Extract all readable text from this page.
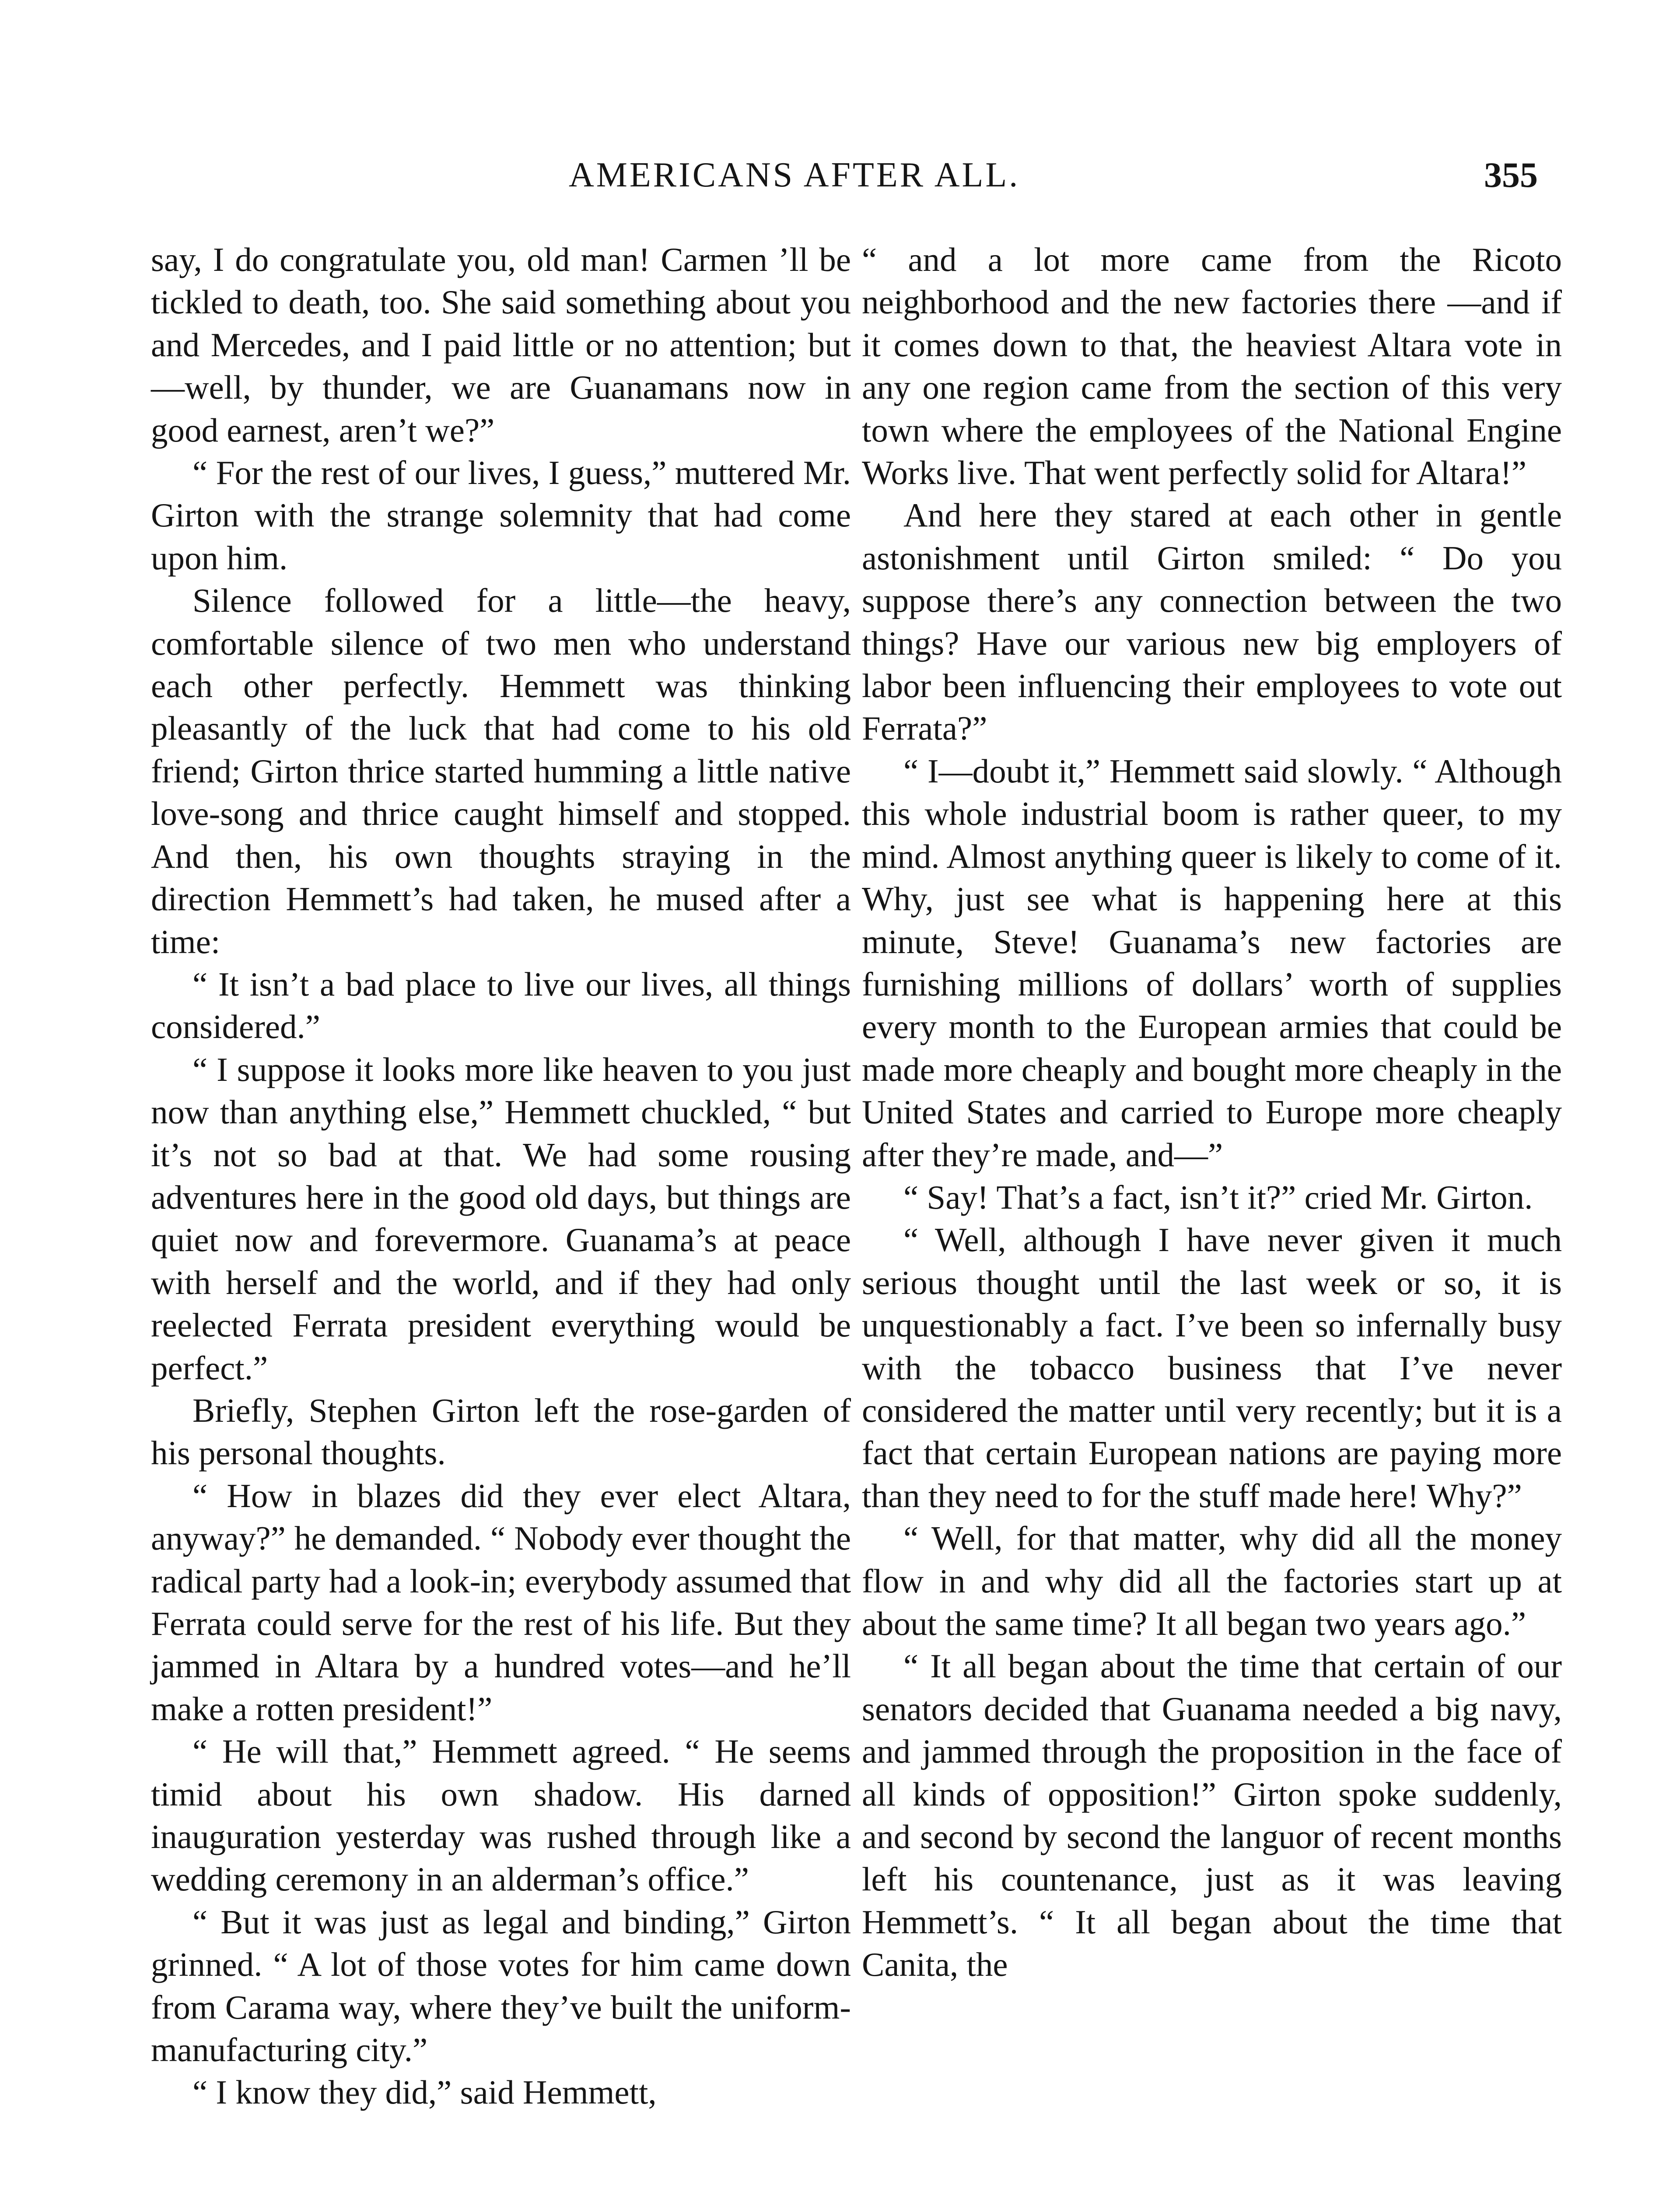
AMERICANS AFTER ALL.	355

say, I do congratulate you, old man! Carmen ’ll be tickled to death, too. She said something about you and Mercedes, and I paid little or no attention; but—well, by thunder, we are Guanamans now in good earnest, aren’t we?”

“ For the rest of our lives, I guess,” muttered Mr. Girton with the strange solemnity that had come upon him.

Silence followed for a little—the heavy, comfortable silence of two men who understand each other perfectly. Hemmett was thinking pleasantly of the luck that had come to his old friend; Girton thrice started humming a little native love-song and thrice caught himself and stopped. And then, his own thoughts straying in the direction Hemmett’s had taken, he mused after a time:

“ It isn’t a bad place to live our lives, all things considered.”

“ I suppose it looks more like heaven to you just now than anything else,” Hemmett chuckled, “ but it’s not so bad at that. We had some rousing adventures here in the good old days, but things are quiet now and forevermore. Guanama’s at peace with herself and the world, and if they had only reelected Ferrata president everything would be perfect.”

Briefly, Stephen Girton left the rose-garden of his personal thoughts.

“ How in blazes did they ever elect Altara, anyway?” he demanded. “ Nobody ever thought the radical party had a look-in; everybody assumed that Ferrata could serve for the rest of his life. But they jammed in Altara by a hundred votes—and he’ll make a rotten president!”

“ He will that,” Hemmett agreed. “ He seems timid about his own shadow. His darned inauguration yesterday was rushed through like a wedding ceremony in an alderman’s office.”

“ But it was just as legal and binding,” Girton grinned. “ A lot of those votes for him came down from Carama way, where they’ve built the uniform-manufacturing city.”

“ I know they did,” said Hemmett,

“ and a lot more came from the Ricoto neighborhood and the new factories there —and if it comes down to that, the heaviest Altara vote in any one region came from the section of this very town where the employees of the National Engine Works live. That went perfectly solid for Altara!”

And here they stared at each other in gentle astonishment until Girton smiled: “ Do you suppose there’s any connection between the two things? Have our various new big employers of labor been influencing their employees to vote out Ferrata?”

“ I—doubt it,” Hemmett said slowly. “ Although this whole industrial boom is rather queer, to my mind. Almost anything queer is likely to come of it. Why, just see what is happening here at this minute, Steve! Guanama’s new factories are furnishing millions of dollars’ worth of supplies every month to the European armies that could be made more cheaply and bought more cheaply in the United States and carried to Europe more cheaply after they’re made, and—”

“ Say! That’s a fact, isn’t it?” cried Mr. Girton.

“ Well, although I have never given it much serious thought until the last week or so, it is unquestionably a fact. I’ve been so infernally busy with the tobacco business that I’ve never considered the matter until very recently; but it is a fact that certain European nations are paying more than they need to for the stuff made here! Why?”

“ Well, for that matter, why did all the money flow in and why did all the factories start up at about the same time? It all began two years ago.”

“ It all began about the time that certain of our senators decided that Guanama needed a big navy, and jammed through the proposition in the face of all kinds of opposition!” Girton spoke suddenly, and second by second the languor of recent months left his countenance, just as it was leaving Hemmett’s. “ It all began about the time that Canita, the
